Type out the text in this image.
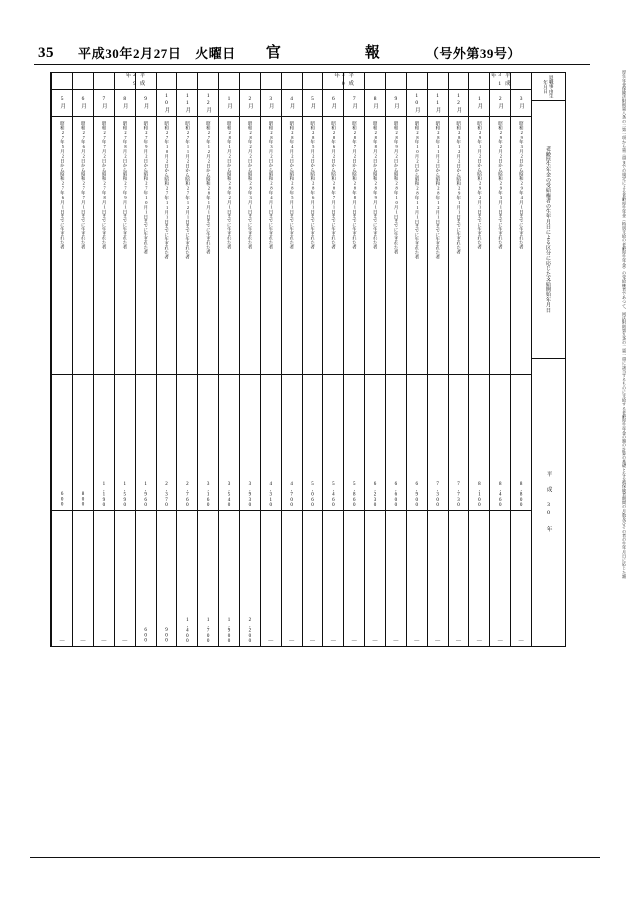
35 平成30年2月27日　火曜日 官　　報 （号外第39号）
厚生年金保険法附則第八条の二第一項から第三項までの規定による老齢厚生年金（特別支給の老齢厚生年金）の受給権者であつて、同法附則第九条の二第一項に該当するものに支給する老齢厚生年金の額の計算の基礎となる被保険者期間の月数及びその者の生年月日に応じた額
退職事由生年月日
老齢厚生年金の受給権者の生年月日による区分に応じた支給開始年月日
平 成 30 年
3月
昭和29年3月2日から昭和29年4月1日までに生まれた者
8,800
—
2月
昭和29年2月2日から昭和29年3月1日までに生まれた者
8,460
—
1月
昭和29年1月2日から昭和29年2月1日までに生まれた者
8,100
—
12月
昭和28年12月2日から昭和29年1月1日までに生まれた者
7,730
—
11月
昭和28年11月2日から昭和28年12月1日までに生まれた者
7,300
—
10月
昭和28年10月2日から昭和28年11月1日までに生まれた者
6,900
—
9月
昭和28年9月2日から昭和28年10月1日までに生まれた者
6,600
—
8月
昭和28年8月2日から昭和28年9月1日までに生まれた者
6,230
—
7月
昭和28年7月2日から昭和28年8月1日までに生まれた者
5,860
—
6月
昭和28年6月2日から昭和28年7月1日までに生まれた者
5,460
—
5月
昭和28年5月2日から昭和28年6月1日までに生まれた者
5,060
—
4月
昭和28年4月2日から昭和28年5月1日までに生まれた者
4,700
—
3月
昭和28年3月2日から昭和28年4月1日までに生まれた者
4,310
—
2月
昭和28年2月2日から昭和28年3月1日までに生まれた者
3,930
2,200
1月
昭和28年1月2日から昭和28年2月1日までに生まれた者
3,540
1,900
12月
昭和27年12月2日から昭和28年1月1日までに生まれた者
3,160
1,700
11月
昭和27年11月2日から昭和27年12月1日までに生まれた者
2,760
1,400
10月
昭和27年10月2日から昭和27年11月1日までに生まれた者
2,370
900
9月
昭和27年9月2日から昭和27年10月1日までに生まれた者
1,960
600
8月
昭和27年8月2日から昭和27年9月1日までに生まれた者
1,590
—
7月
昭和27年7月2日から昭和27年8月1日までに生まれた者
1,190
—
6月
昭和27年6月2日から昭和27年7月1日までに生まれた者
800
—
5月
昭和27年5月2日から昭和27年6月1日までに生まれた者
600
—
平成31年
平成30年
平成29年
